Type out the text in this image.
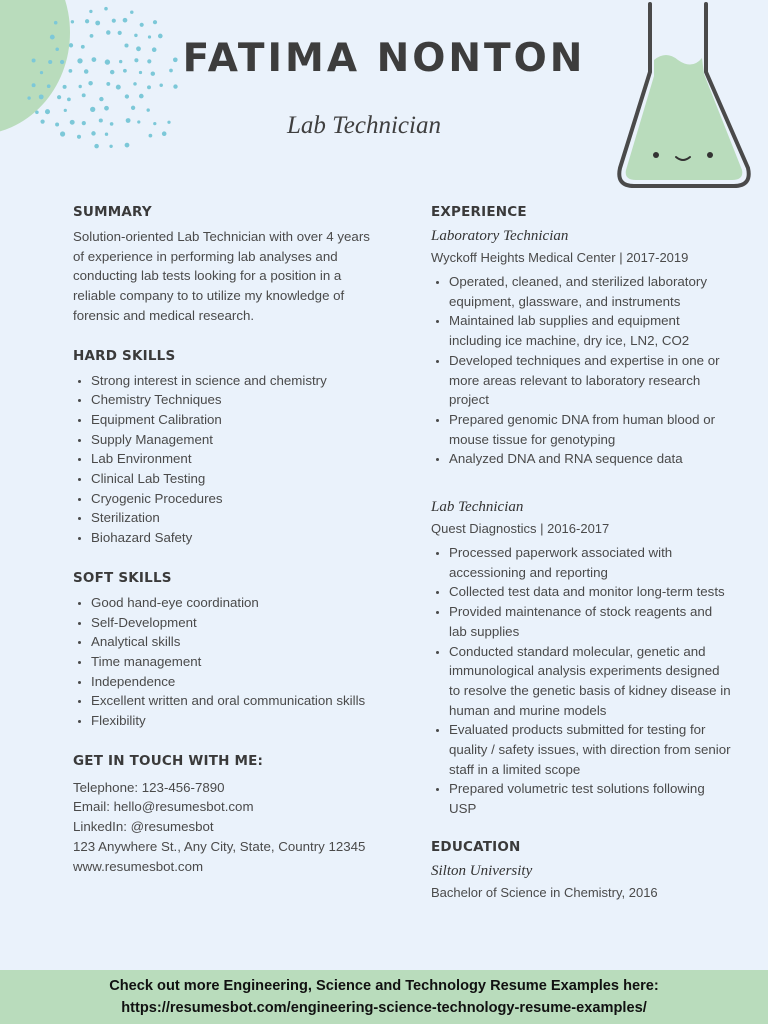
FATIMA NONTON
Lab Technician
SUMMARY

Solution-oriented Lab Technician with over 4 years of experience in performing lab analyses and conducting lab tests looking for a position in a reliable company to to utilize my knowledge of forensic and medical research.

HARD SKILLS
• Strong interest in science and chemistry
• Chemistry Techniques
• Equipment Calibration
• Supply Management
• Lab Environment
• Clinical Lab Testing
• Cryogenic Procedures
• Sterilization
• Biohazard Safety
SOFT SKILLS
• Good hand-eye coordination
• Self-Development
• Analytical skills
• Time management
• Independence
• Excellent written and oral communication skills
• Flexibility
GET IN TOUCH WITH ME:
Telephone: 123-456-7890
Email: hello@resumesbot.com
LinkedIn: @resumesbot
123 Anywhere St., Any City, State, Country 12345
www.resumesbot.com
EXPERIENCE
Laboratory Technician
Wyckoff Heights Medical Center | 2017-2019
• Operated, cleaned, and sterilized laboratory equipment, glassware, and instruments
• Maintained lab supplies and equipment including ice machine, dry ice, LN2, CO2
• Developed techniques and expertise in one or more areas relevant to laboratory research project
• Prepared genomic DNA from human blood or mouse tissue for genotyping
• Analyzed DNA and RNA sequence data
Lab Technician
Quest Diagnostics | 2016-2017
• Processed paperwork associated with accessioning and reporting
• Collected test data and monitor long-term tests
• Provided maintenance of stock reagents and lab supplies
• Conducted standard molecular, genetic and immunological analysis experiments designed to resolve the genetic basis of kidney disease in human and murine models
• Evaluated products submitted for testing for quality / safety issues, with direction from senior staff in a limited scope
• Prepared volumetric test solutions following USP
EDUCATION
Silton University
Bachelor of Science in Chemistry, 2016
Check out more Engineering, Science and Technology Resume Examples here:
https://resumesbot.com/engineering-science-technology-resume-examples/
